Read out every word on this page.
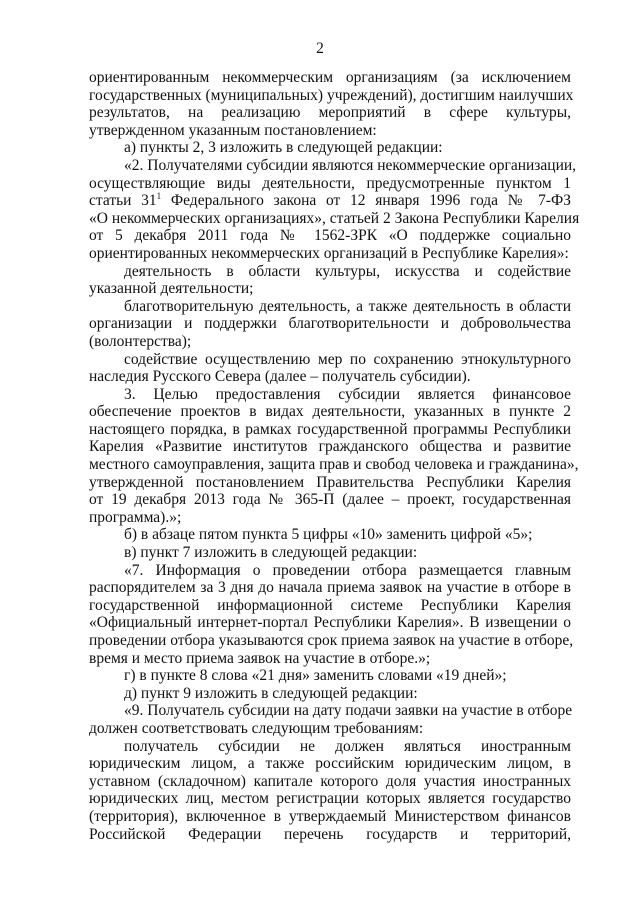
2
ориентированным некоммерческим организациям (за исключением
государственных (муниципальных) учреждений), достигшим наилучших
результатов, на реализацию мероприятий в сфере культуры,
утвержденном указанным постановлением:
а) пункты 2, 3 изложить в следующей редакции:
«2. Получателями субсидии являются некоммерческие организации,
осуществляющие виды деятельности, предусмотренные пунктом 1
статьи $31^1$ Федерального закона от 12 января 1996 года № 7-ФЗ
«О некоммерческих организациях», статьей 2 Закона Республики Карелия
от 5 декабря 2011 года № 1562-ЗРК «О поддержке социально
ориентированных некоммерческих организаций в Республике Карелия»:
деятельность в области культуры, искусства и содействие
указанной деятельности;
благотворительную деятельность, а также деятельность в области
организации и поддержки благотворительности и добровольчества
(волонтерства);
содействие осуществлению мер по сохранению этнокультурного
наследия Русского Севера (далее – получатель субсидии).
3. Целью предоставления субсидии является финансовое
обеспечение проектов в видах деятельности, указанных в пункте 2
настоящего порядка, в рамках государственной программы Республики
Карелия «Развитие институтов гражданского общества и развитие
местного самоуправления, защита прав и свобод человека и гражданина»,
утвержденной постановлением Правительства Республики Карелия
от 19 декабря 2013 года № 365-П (далее – проект, государственная
программа).»;
б) в абзаце пятом пункта 5 цифры «10» заменить цифрой «5»;
в) пункт 7 изложить в следующей редакции:
«7. Информация о проведении отбора размещается главным
распорядителем за 3 дня до начала приема заявок на участие в отборе в
государственной информационной системе Республики Карелия
«Официальный интернет-портал Республики Карелия». В извещении о
проведении отбора указываются срок приема заявок на участие в отборе,
время и место приема заявок на участие в отборе.»;
г) в пункте 8 слова «21 дня» заменить словами «19 дней»;
д) пункт 9 изложить в следующей редакции:
«9. Получатель субсидии на дату подачи заявки на участие в отборе
должен соответствовать следующим требованиям:
получатель субсидии не должен являться иностранным
юридическим лицом, а также российским юридическим лицом, в
уставном (складочном) капитале которого доля участия иностранных
юридических лиц, местом регистрации которых является государство
(территория), включенное в утверждаемый Министерством финансов
Российской Федерации перечень государств и территорий,
